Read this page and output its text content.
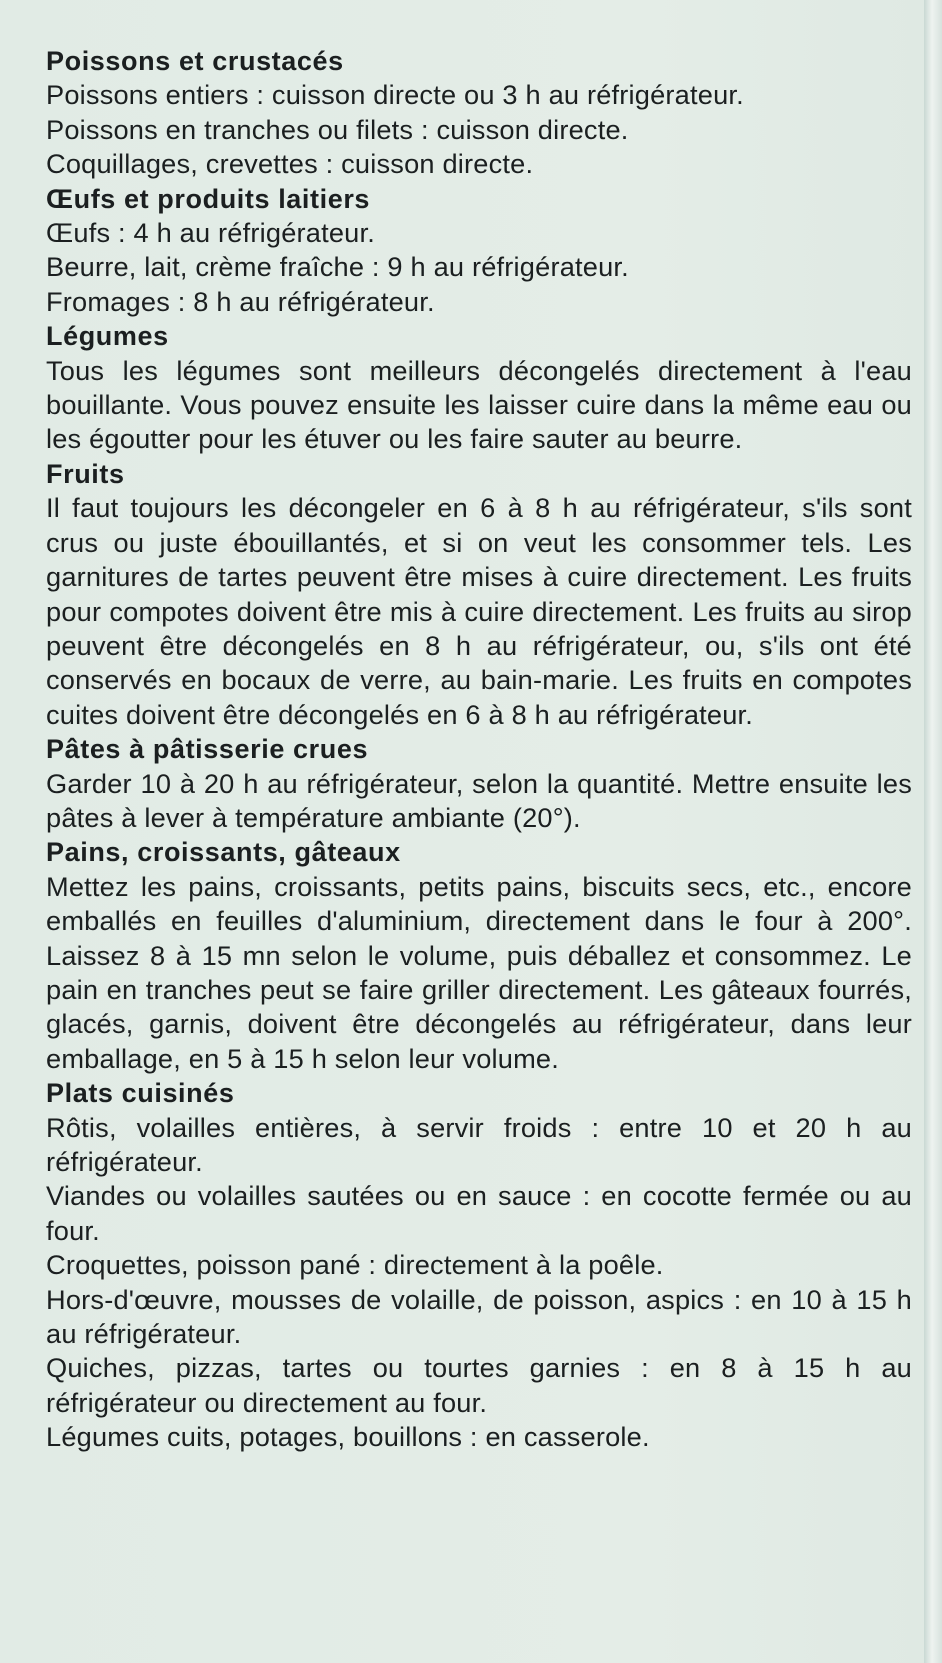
Poissons et crustacés
Poissons entiers : cuisson directe ou 3 h au réfrigérateur.
Poissons en tranches ou filets : cuisson directe.
Coquillages, crevettes : cuisson directe.
Œufs et produits laitiers
Œufs : 4 h au réfrigérateur.
Beurre, lait, crème fraîche : 9 h au réfrigérateur.
Fromages : 8 h au réfrigérateur.
Légumes
Tous les légumes sont meilleurs décongelés directement à l'eau bouillante. Vous pouvez ensuite les laisser cuire dans la même eau ou les égoutter pour les étuver ou les faire sauter au beurre.
Fruits
Il faut toujours les décongeler en 6 à 8 h au réfrigérateur, s'ils sont crus ou juste ébouillantés, et si on veut les consommer tels. Les garnitures de tartes peuvent être mises à cuire directement. Les fruits pour compotes doivent être mis à cuire directement. Les fruits au sirop peuvent être décongelés en 8 h au réfrigérateur, ou, s'ils ont été conservés en bocaux de verre, au bain-marie. Les fruits en compotes cuites doivent être décongelés en 6 à 8 h au réfrigérateur.
Pâtes à pâtisserie crues
Garder 10 à 20 h au réfrigérateur, selon la quantité. Mettre ensuite les pâtes à lever à température ambiante (20°).
Pains, croissants, gâteaux
Mettez les pains, croissants, petits pains, biscuits secs, etc., encore emballés en feuilles d'aluminium, directement dans le four à 200°. Laissez 8 à 15 mn selon le volume, puis déballez et consommez. Le pain en tranches peut se faire griller directement. Les gâteaux fourrés, glacés, garnis, doivent être décongelés au réfrigérateur, dans leur emballage, en 5 à 15 h selon leur volume.
Plats cuisinés
Rôtis, volailles entières, à servir froids : entre 10 et 20 h au réfrigérateur.
Viandes ou volailles sautées ou en sauce : en cocotte fermée ou au four.
Croquettes, poisson pané : directement à la poêle.
Hors-d'œuvre, mousses de volaille, de poisson, aspics : en 10 à 15 h au réfrigérateur.
Quiches, pizzas, tartes ou tourtes garnies : en 8 à 15 h au réfrigérateur ou directement au four.
Légumes cuits, potages, bouillons : en casserole.
